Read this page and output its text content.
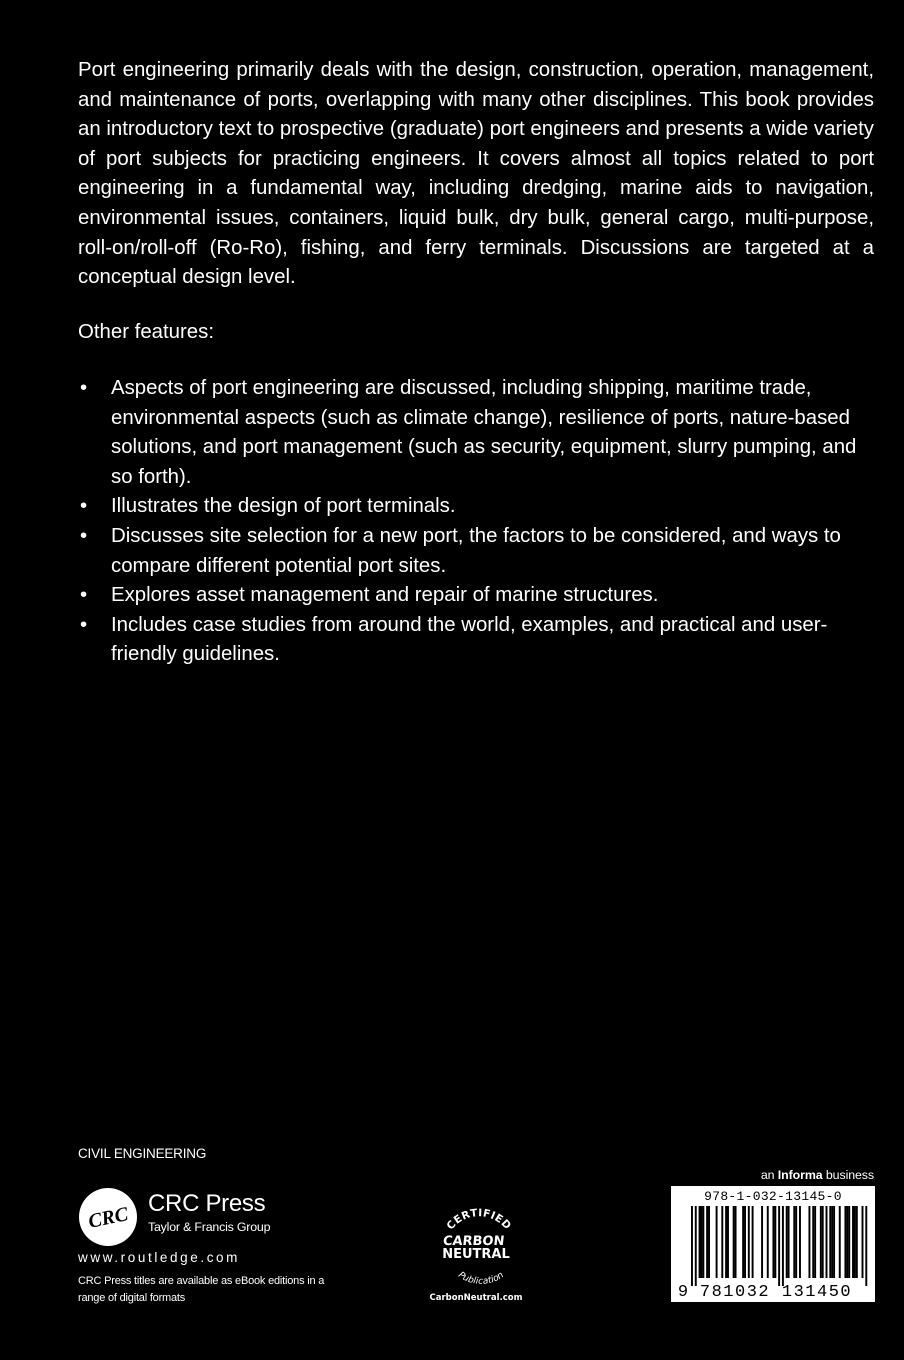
Port engineering primarily deals with the design, construction, operation, management, and maintenance of ports, overlapping with many other disciplines. This book provides an introductory text to prospective (graduate) port engineers and presents a wide variety of port subjects for practicing engineers. It covers almost all topics related to port engineering in a fundamental way, including dredging, marine aids to navigation, environmental issues, containers, liquid bulk, dry bulk, general cargo, multi-purpose, roll-on/roll-off (Ro-Ro), fishing, and ferry terminals. Discussions are targeted at a conceptual design level.

Other features:

• Aspects of port engineering are discussed, including shipping, maritime trade, environmental aspects (such as climate change), resilience of ports, nature-based solutions, and port management (such as security, equipment, slurry pumping, and so forth).
• Illustrates the design of port terminals.
• Discusses site selection for a new port, the factors to be considered, and ways to compare different potential port sites.
• Explores asset management and repair of marine structures.
• Includes case studies from around the world, examples, and practical and user-friendly guidelines.
CIVIL ENGINEERING
CRC CRC Press
Taylor & Francis Group
www.routledge.com
CRC Press titles are available as eBook editions in a range of digital formats
CERTIFIED
CARBON
NEUTRAL
Publication
CarbonNeutral.com
an Informa business
978-1-032-13145-0
9 781032 131450
